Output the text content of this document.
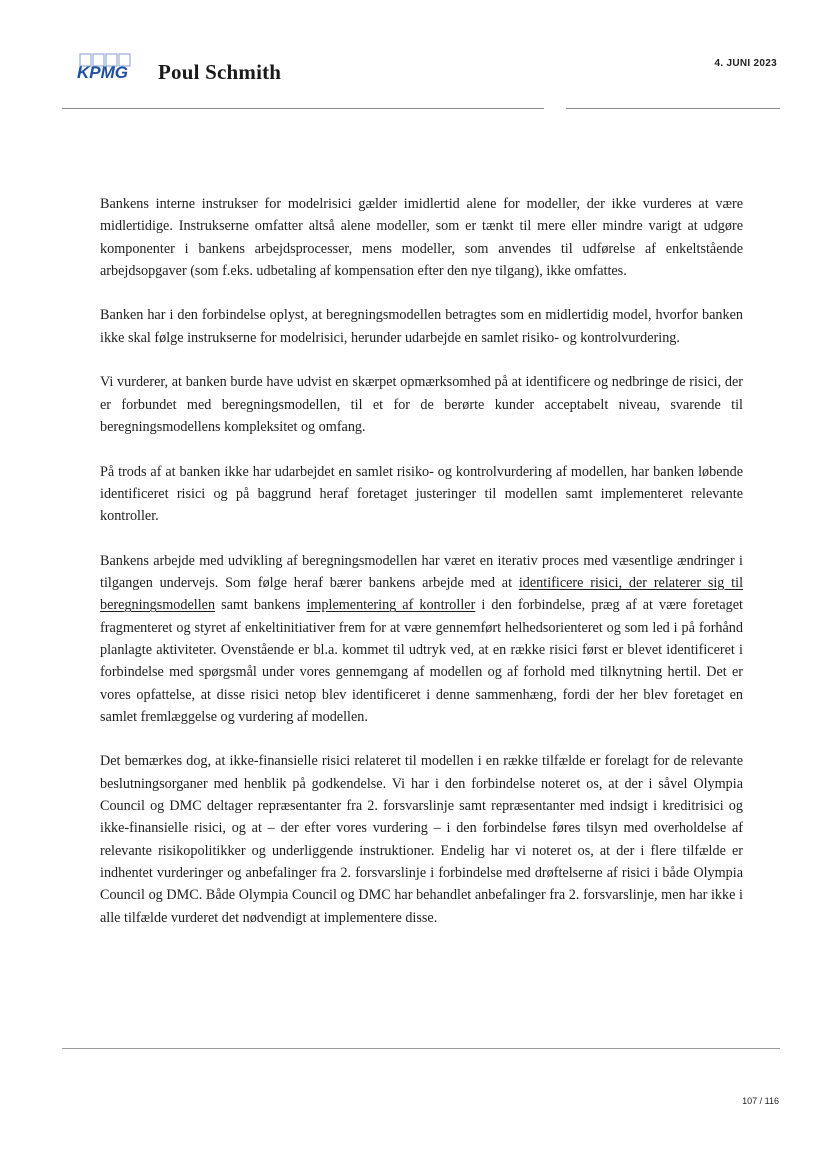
KPMG Poul Schmith	4. JUNI 2023

Bankens interne instrukser for modelrisici gælder imidlertid alene for modeller, der ikke vurderes at være midlertidige. Instrukserne omfatter altså alene modeller, som er tænkt til mere eller mindre varigt at udgøre komponenter i bankens arbejdsprocesser, mens modeller, som anvendes til udførelse af enkeltstående arbejdsopgaver (som f.eks. udbetaling af kompensation efter den nye tilgang), ikke omfattes.

Banken har i den forbindelse oplyst, at beregningsmodellen betragtes som en midlertidig model, hvorfor banken ikke skal følge instrukserne for modelrisici, herunder udarbejde en samlet risiko- og kontrolvurdering.

Vi vurderer, at banken burde have udvist en skærpet opmærksomhed på at identificere og nedbringe de risici, der er forbundet med beregningsmodellen, til et for de berørte kunder acceptabelt niveau, svarende til beregningsmodellens kompleksitet og omfang.

På trods af at banken ikke har udarbejdet en samlet risiko- og kontrolvurdering af modellen, har banken løbende identificeret risici og på baggrund heraf foretaget justeringer til modellen samt implementeret relevante kontroller.

Bankens arbejde med udvikling af beregningsmodellen har været en iterativ proces med væsentlige ændringer i tilgangen undervejs. Som følge heraf bærer bankens arbejde med at identificere risici, der relaterer sig til beregningsmodellen samt bankens implementering af kontroller i den forbindelse, præg af at være foretaget fragmenteret og styret af enkeltinitiativer frem for at være gennemført helhedsorienteret og som led i på forhånd planlagte aktiviteter. Ovenstående er bl.a. kommet til udtryk ved, at en række risici først er blevet identificeret i forbindelse med spørgsmål under vores gennemgang af modellen og af forhold med tilknytning hertil. Det er vores opfattelse, at disse risici netop blev identificeret i denne sammenhæng, fordi der her blev foretaget en samlet fremlæggelse og vurdering af modellen.

Det bemærkes dog, at ikke-finansielle risici relateret til modellen i en række tilfælde er forelagt for de relevante beslutningsorganer med henblik på godkendelse. Vi har i den forbindelse noteret os, at der i såvel Olympia Council og DMC deltager repræsentanter fra 2. forsvarslinje samt repræsentanter med indsigt i kreditrisici og ikke-finansielle risici, og at – der efter vores vurdering – i den forbindelse føres tilsyn med overholdelse af relevante risikopolitikker og underliggende instruktioner. Endelig har vi noteret os, at der i flere tilfælde er indhentet vurderinger og anbefalinger fra 2. forsvarslinje i forbindelse med drøftelserne af risici i både Olympia Council og DMC. Både Olympia Council og DMC har behandlet anbefalinger fra 2. forsvarslinje, men har ikke i alle tilfælde vurderet det nødvendigt at implementere disse.

107 / 116
